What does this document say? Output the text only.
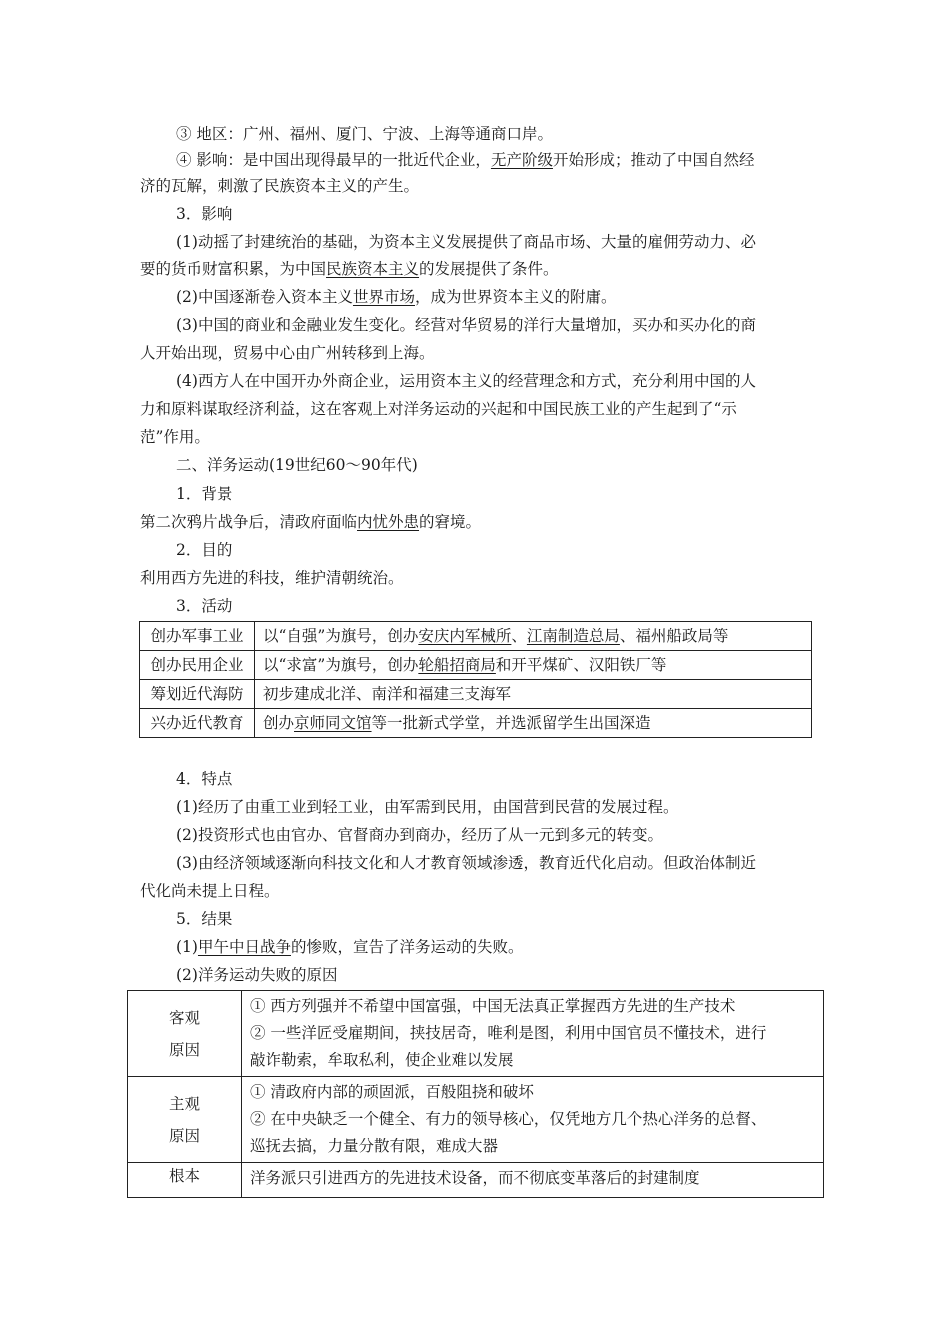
③ 地区：广州、福州、厦门、宁波、上海等通商口岸。
④ 影响：是中国出现得最早的一批近代企业，无产阶级开始形成；推动了中国自然经
济的瓦解，刺激了民族资本主义的产生。
3．影响
(1)动摇了封建统治的基础，为资本主义发展提供了商品市场、大量的雇佣劳动力、必
要的货币财富积累，为中国民族资本主义的发展提供了条件。
(2)中国逐渐卷入资本主义世界市场，成为世界资本主义的附庸。
(3)中国的商业和金融业发生变化。经营对华贸易的洋行大量增加，买办和买办化的商
人开始出现，贸易中心由广州转移到上海。
(4)西方人在中国开办外商企业，运用资本主义的经营理念和方式，充分利用中国的人
力和原料谋取经济利益，这在客观上对洋务运动的兴起和中国民族工业的产生起到了“示
范”作用。
二、洋务运动(19世纪60～90年代)
1．背景
第二次鸦片战争后，清政府面临内忧外患的窘境。
2．目的
利用西方先进的科技，维护清朝统治。
3．活动
创办军事工业	以“自强”为旗号，创办安庆内军械所、江南制造总局、福州船政局等
创办民用企业	以“求富”为旗号，创办轮船招商局和开平煤矿、汉阳铁厂等
筹划近代海防	初步建成北洋、南洋和福建三支海军
兴办近代教育	创办京师同文馆等一批新式学堂，并选派留学生出国深造
4．特点
(1)经历了由重工业到轻工业，由军需到民用，由国营到民营的发展过程。
(2)投资形式也由官办、官督商办到商办，经历了从一元到多元的转变。
(3)由经济领域逐渐向科技文化和人才教育领域渗透，教育近代化启动。但政治体制近
代化尚未提上日程。
5．结果
(1)甲午中日战争的惨败，宣告了洋务运动的失败。
(2)洋务运动失败的原因
客观
原因	① 西方列强并不希望中国富强，中国无法真正掌握西方先进的生产技术
② 一些洋匠受雇期间，挟技居奇，唯利是图，利用中国官员不懂技术，进行
敲诈勒索，牟取私利，使企业难以发展

主观
原因	① 清政府内部的顽固派，百般阻挠和破坏
② 在中央缺乏一个健全、有力的领导核心，仅凭地方几个热心洋务的总督、
巡抚去搞，力量分散有限，难成大器

根本	洋务派只引进西方的先进技术设备，而不彻底变革落后的封建制度
